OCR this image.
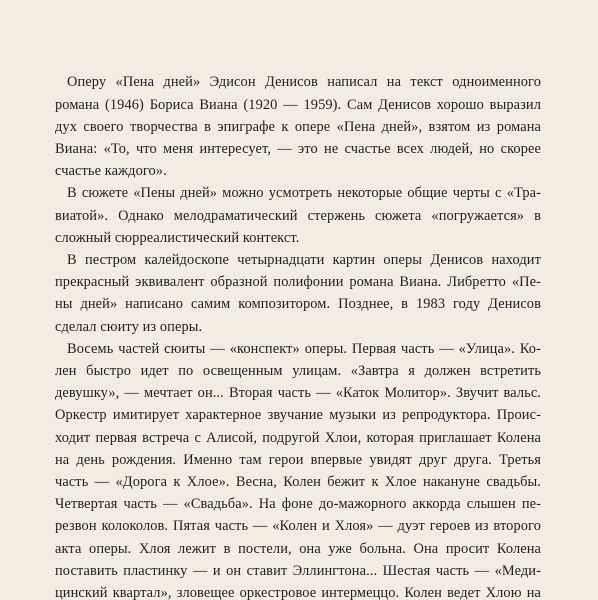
Оперу «Пена дней» Эдисон Денисов написал на текст одноименного
романа (1946) Бориса Виана (1920 — 1959). Сам Денисов хорошо выразил
дух своего творчества в эпиграфе к опере «Пена дней», взятом из романа
Виана: «То, что меня интересует, — это не счастье всех людей, но скорее
счастье каждого».
В сюжете «Пены дней» можно усмотреть некоторые общие черты с «Тра-
виатой». Однако мелодраматический стержень сюжета «погружается» в
сложный сюрреалистический контекст.
В пестром калейдоскопе четырнадцати картин оперы Денисов находит
прекрасный эквивалент образной полифонии романа Виана. Либретто «Пе-
ны дней» написано самим композитором. Позднее, в 1983 году Денисов
сделал сюиту из оперы.
Восемь частей сюиты — «конспект» оперы. Первая часть — «Улица». Ко-
лен быстро идет по освещенным улицам. «Завтра я должен встретить
девушку», — мечтает он... Вторая часть — «Каток Молитор». Звучит вальс.
Оркестр имитирует характерное звучание музыки из репродуктора. Проис-
ходит первая встреча с Алисой, подругой Хлои, которая приглашает Колена
на день рождения. Именно там герои впервые увидят друг друга. Третья
часть — «Дорога к Хлое». Весна, Колен бежит к Хлое накануне свадьбы.
Четвертая часть — «Свадьба». На фоне до-мажорного аккорда слышен пе-
резвон колоколов. Пятая часть — «Колен и Хлоя» — дуэт героев из второго
акта оперы. Хлоя лежит в постели, она уже больна. Она просит Колена
поставить пластинку — и он ставит Эллингтона... Шестая часть — «Меди-
цинский квартал», зловещее оркестровое интермеццо. Колен ведет Хлою на
